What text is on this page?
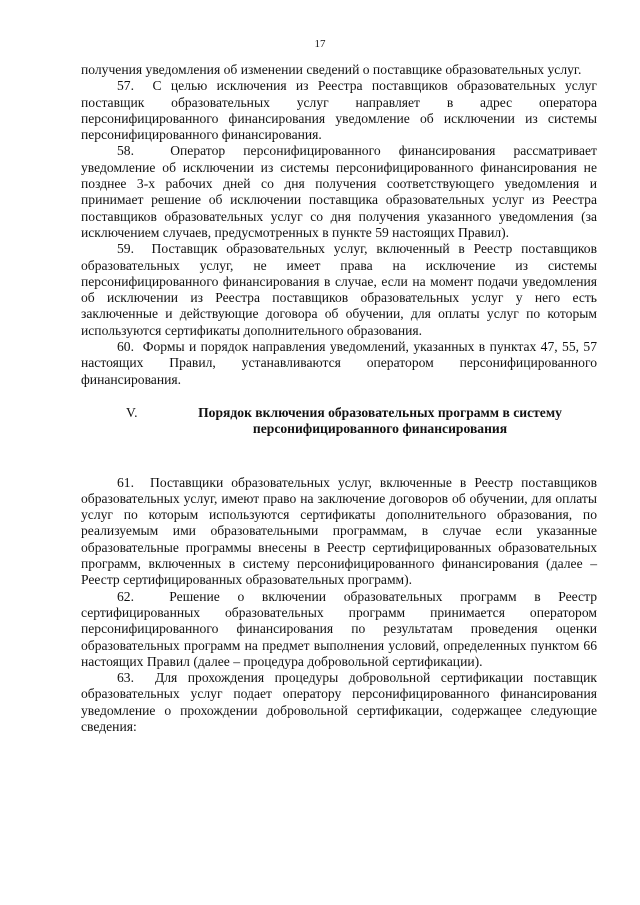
17

получения уведомления об изменении сведений о поставщике образовательных услуг.

57.  С целью исключения из Реестра поставщиков образовательных услуг поставщик образовательных услуг направляет в адрес оператора персонифицированного финансирования уведомление об исключении из системы персонифицированного финансирования.

58.  Оператор персонифицированного финансирования рассматривает уведомление об исключении из системы персонифицированного финансирования не позднее 3-х рабочих дней со дня получения соответствующего уведомления и принимает решение об исключении поставщика образовательных услуг из Реестра поставщиков образовательных услуг со дня получения указанного уведомления (за исключением случаев, предусмотренных в пункте 59 настоящих Правил).

59.  Поставщик образовательных услуг, включенный в Реестр поставщиков образовательных услуг, не имеет права на исключение из системы персонифицированного финансирования в случае, если на момент подачи уведомления об исключении из Реестра поставщиков образовательных услуг у него есть заключенные и действующие договора об обучении, для оплаты услуг по которым используются сертификаты дополнительного образования.

60.  Формы и порядок направления уведомлений, указанных в пунктах 47, 55, 57 настоящих Правил, устанавливаются оператором персонифицированного финансирования.

V.	Порядок включения образовательных программ в систему персонифицированного финансирования

61.  Поставщики образовательных услуг, включенные в Реестр поставщиков образовательных услуг, имеют право на заключение договоров об обучении, для оплаты услуг по которым используются сертификаты дополнительного образования, по реализуемым ими образовательными программам, в случае если указанные образовательные программы внесены в Реестр сертифицированных образовательных программ, включенных в систему персонифицированного финансирования (далее – Реестр сертифицированных образовательных программ).

62.  Решение о включении образовательных программ в Реестр сертифицированных образовательных программ принимается оператором персонифицированного финансирования по результатам проведения оценки образовательных программ на предмет выполнения условий, определенных пунктом 66 настоящих Правил (далее – процедура добровольной сертификации).

63.  Для прохождения процедуры добровольной сертификации поставщик образовательных услуг подает оператору персонифицированного финансирования уведомление о прохождении добровольной сертификации, содержащее следующие сведения:
